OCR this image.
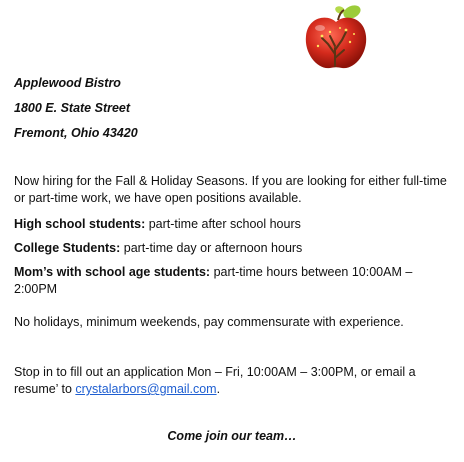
Applewood Bistro
1800 E. State Street
Fremont, Ohio 43420
Now hiring for the Fall & Holiday Seasons. If you are looking for either full-time or part-time work, we have open positions available.
High school students: part-time after school hours
College Students: part-time day or afternoon hours
Mom’s with school age students: part-time hours between 10:00AM – 2:00PM
No holidays, minimum weekends, pay commensurate with experience.
Stop in to fill out an application Mon – Fri, 10:00AM – 3:00PM, or email a resume’ to crystalarbors@gmail.com.
Come join our team…
